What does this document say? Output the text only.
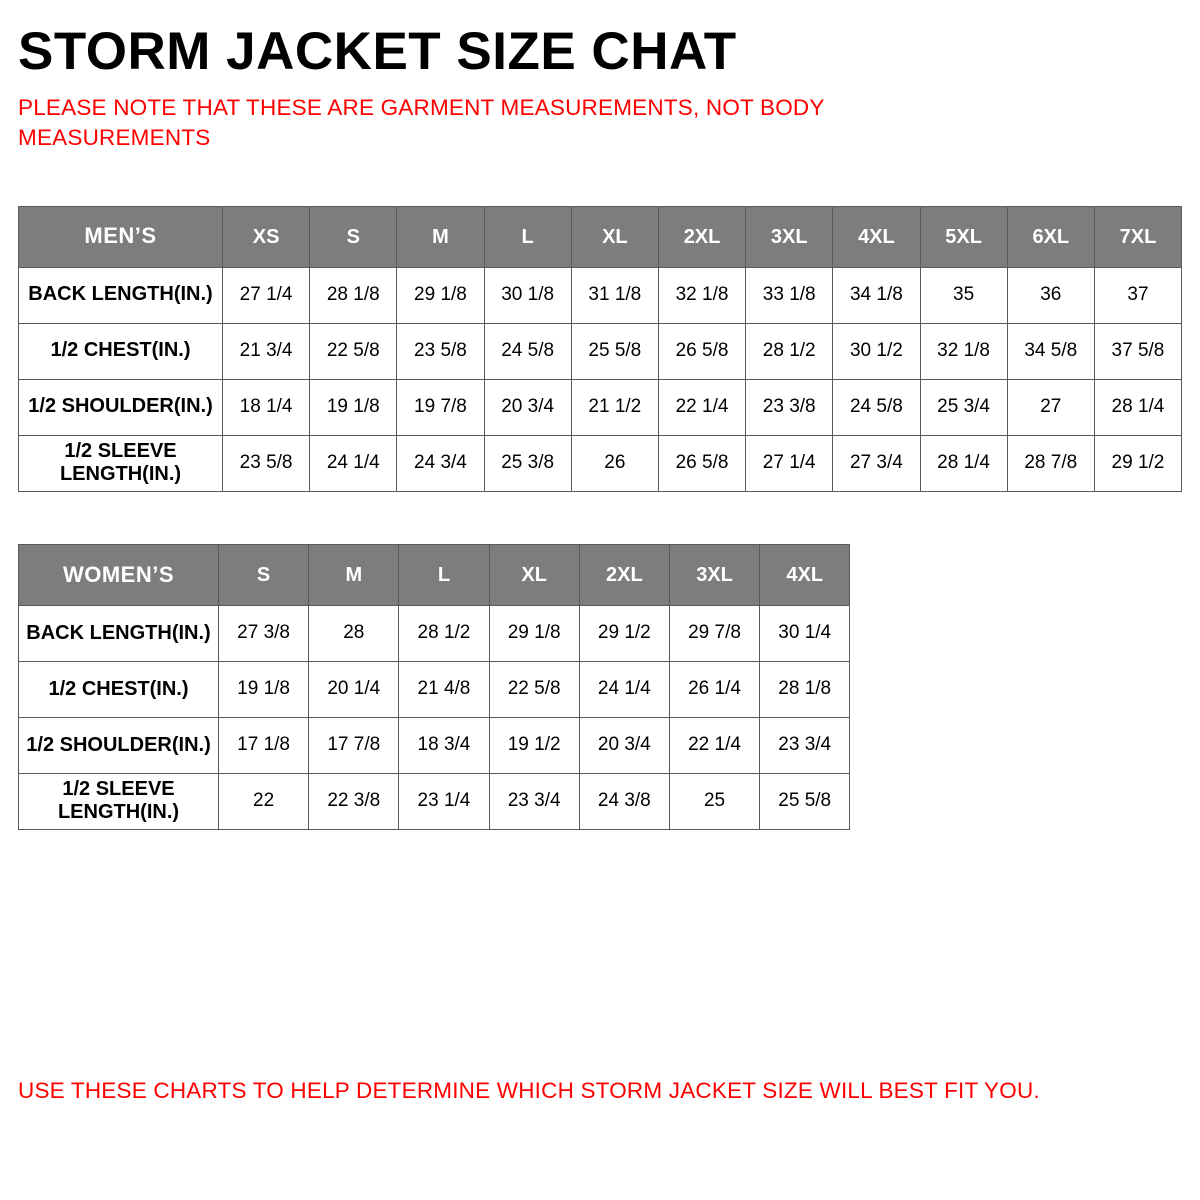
STORM JACKET SIZE CHAT

PLEASE NOTE THAT THESE ARE GARMENT MEASUREMENTS, NOT BODY MEASUREMENTS

MEN’S	XS	S	M	L	XL	2XL	3XL	4XL	5XL	6XL	7XL
BACK LENGTH(IN.)	27 1/4	28 1/8	29 1/8	30 1/8	31 1/8	32 1/8	33 1/8	34 1/8	35	36	37
1/2 CHEST(IN.)	21 3/4	22 5/8	23 5/8	24 5/8	25 5/8	26 5/8	28 1/2	30 1/2	32 1/8	34 5/8	37 5/8
1/2 SHOULDER(IN.)	18 1/4	19 1/8	19 7/8	20 3/4	21 1/2	22 1/4	23 3/8	24 5/8	25 3/4	27	28 1/4
1/2 SLEEVE LENGTH(IN.)	23 5/8	24 1/4	24 3/4	25 3/8	26	26 5/8	27 1/4	27 3/4	28 1/4	28 7/8	29 1/2
WOMEN’S	S	M	L	XL	2XL	3XL	4XL
BACK LENGTH(IN.)	27 3/8	28	28 1/2	29 1/8	29 1/2	29 7/8	30 1/4
1/2 CHEST(IN.)	19 1/8	20 1/4	21 4/8	22 5/8	24 1/4	26 1/4	28 1/8
1/2 SHOULDER(IN.)	17 1/8	17 7/8	18 3/4	19 1/2	20 3/4	22 1/4	23 3/4
1/2 SLEEVE LENGTH(IN.)	22	22 3/8	23 1/4	23 3/4	24 3/8	25	25 5/8
USE THESE CHARTS TO HELP DETERMINE WHICH STORM JACKET SIZE WILL BEST FIT YOU.
